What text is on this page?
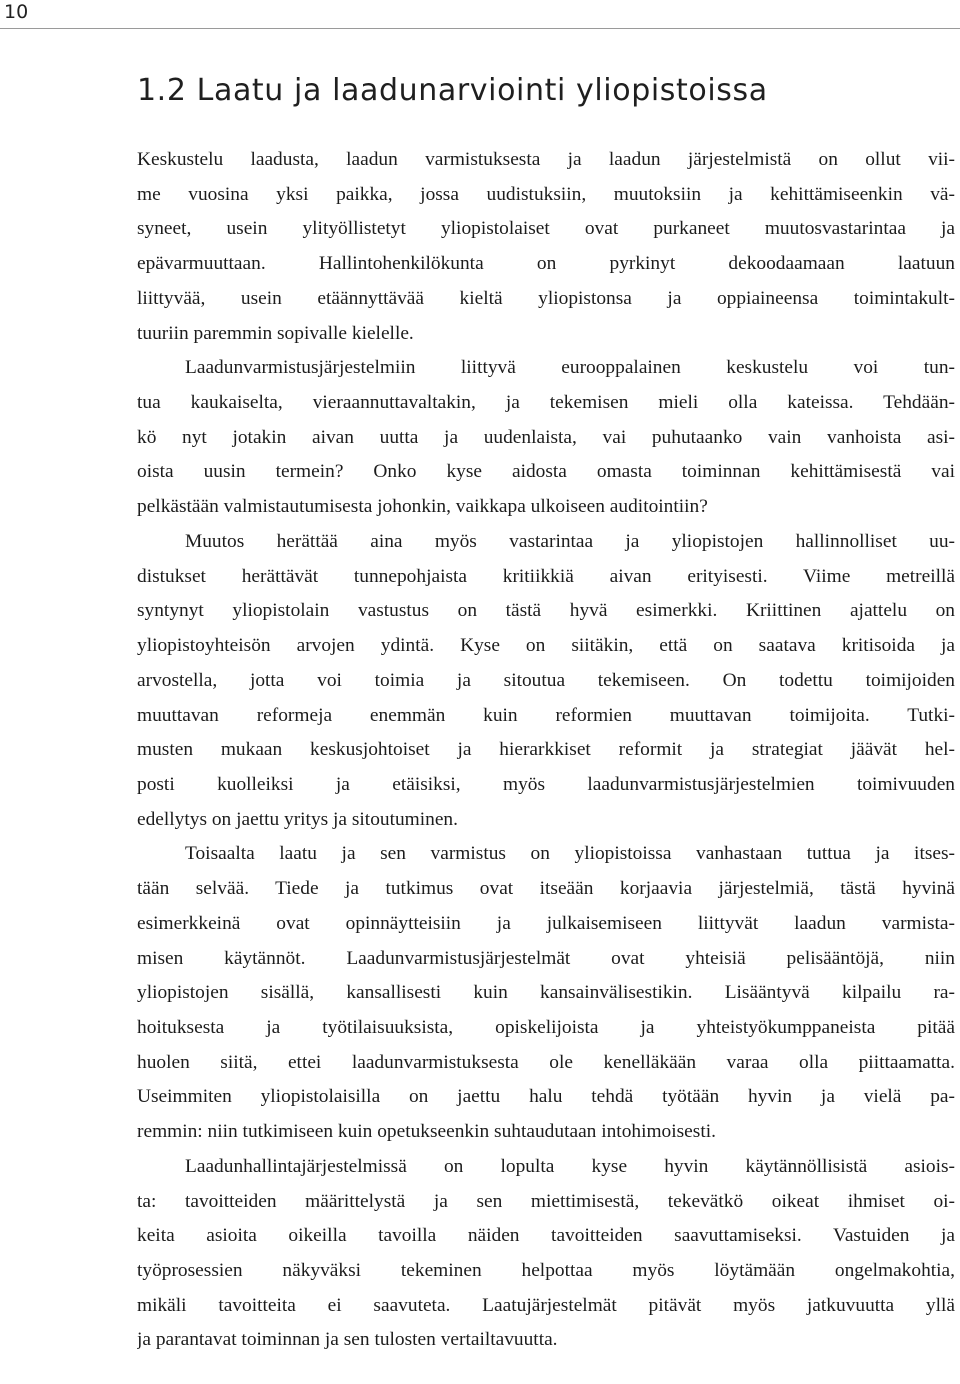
10
1.2 Laatu ja laadunarviointi yliopistoissa
Keskustelu laadusta, laadun varmistuksesta ja laadun järjestelmistä on ollut vii-
me vuosina yksi paikka, jossa uudistuksiin, muutoksiin ja kehittämiseenkin vä-
syneet, usein ylityöllistetyt yliopistolaiset ovat purkaneet muutosvastarintaa ja
epävarmuuttaan. Hallintohenkilökunta on pyrkinyt dekoodaamaan laatuun
liittyvää, usein etäännyttävää kieltä yliopistonsa ja oppiaineensa toimintakult-
tuuriin paremmin sopivalle kielelle.
Laadunvarmistusjärjestelmiin liittyvä eurooppalainen keskustelu voi tun-
tua kaukaiselta, vieraannuttavaltakin, ja tekemisen mieli olla kateissa. Tehdään-
kö nyt jotakin aivan uutta ja uudenlaista, vai puhutaanko vain vanhoista asi-
oista uusin termein? Onko kyse aidosta omasta toiminnan kehittämisestä vai
pelkästään valmistautumisesta johonkin, vaikkapa ulkoiseen auditointiin?
Muutos herättää aina myös vastarintaa ja yliopistojen hallinnolliset uu-
distukset herättävät tunnepohjaista kritiikkiä aivan erityisesti. Viime metreillä
syntynyt yliopistolain vastustus on tästä hyvä esimerkki. Kriittinen ajattelu on
yliopistoyhteisön arvojen ydintä. Kyse on siitäkin, että on saatava kritisoida ja
arvostella, jotta voi toimia ja sitoutua tekemiseen. On todettu toimijoiden
muuttavan reformeja enemmän kuin reformien muuttavan toimijoita. Tutki-
musten mukaan keskusjohtoiset ja hierarkkiset reformit ja strategiat jäävät hel-
posti kuolleiksi ja etäisiksi, myös laadunvarmistusjärjestelmien toimivuuden
edellytys on jaettu yritys ja sitoutuminen.
Toisaalta laatu ja sen varmistus on yliopistoissa vanhastaan tuttua ja itses-
tään selvää. Tiede ja tutkimus ovat itseään korjaavia järjestelmiä, tästä hyvinä
esimerkkeinä ovat opinnäytteisiin ja julkaisemiseen liittyvät laadun varmista-
misen käytännöt. Laadunvarmistusjärjestelmät ovat yhteisiä pelisääntöjä, niin
yliopistojen sisällä, kansallisesti kuin kansainvälisestikin. Lisääntyvä kilpailu ra-
hoituksesta ja työtilaisuuksista, opiskelijoista ja yhteistyökumppaneista pitää
huolen siitä, ettei laadunvarmistuksesta ole kenelläkään varaa olla piittaamatta.
Useimmiten yliopistolaisilla on jaettu halu tehdä työtään hyvin ja vielä pa-
remmin: niin tutkimiseen kuin opetukseenkin suhtaudutaan intohimoisesti.
Laadunhallintajärjestelmissä on lopulta kyse hyvin käytännöllisistä asiois-
ta: tavoitteiden määrittelystä ja sen miettimisestä, tekevätkö oikeat ihmiset oi-
keita asioita oikeilla tavoilla näiden tavoitteiden saavuttamiseksi. Vastuiden ja
työprosessien näkyväksi tekeminen helpottaa myös löytämään ongelmakohtia,
mikäli tavoitteita ei saavuteta. Laatujärjestelmät pitävät myös jatkuvuutta yllä
ja parantavat toiminnan ja sen tulosten vertailtavuutta.
